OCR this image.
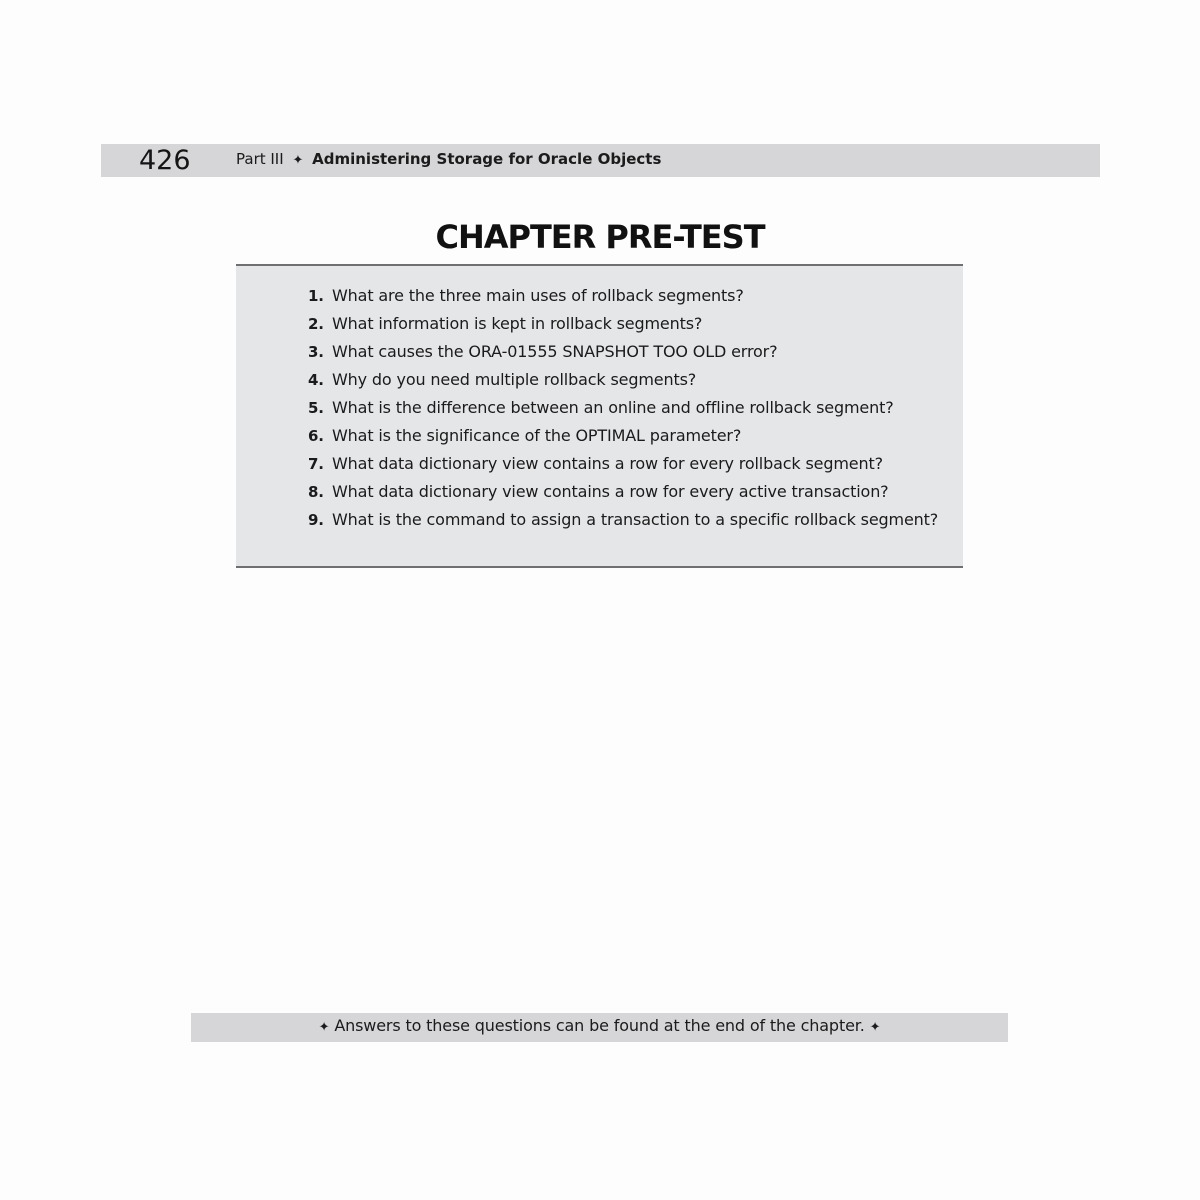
426	Part III ✦ Administering Storage for Oracle Objects
CHAPTER PRE-TEST
1. What are the three main uses of rollback segments?
2. What information is kept in rollback segments?
3. What causes the ORA-01555 SNAPSHOT TOO OLD error?
4. Why do you need multiple rollback segments?
5. What is the difference between an online and offline rollback segment?
6. What is the significance of the OPTIMAL parameter?
7. What data dictionary view contains a row for every rollback segment?
8. What data dictionary view contains a row for every active transaction?
9. What is the command to assign a transaction to a specific rollback segment?
✦ Answers to these questions can be found at the end of the chapter. ✦
